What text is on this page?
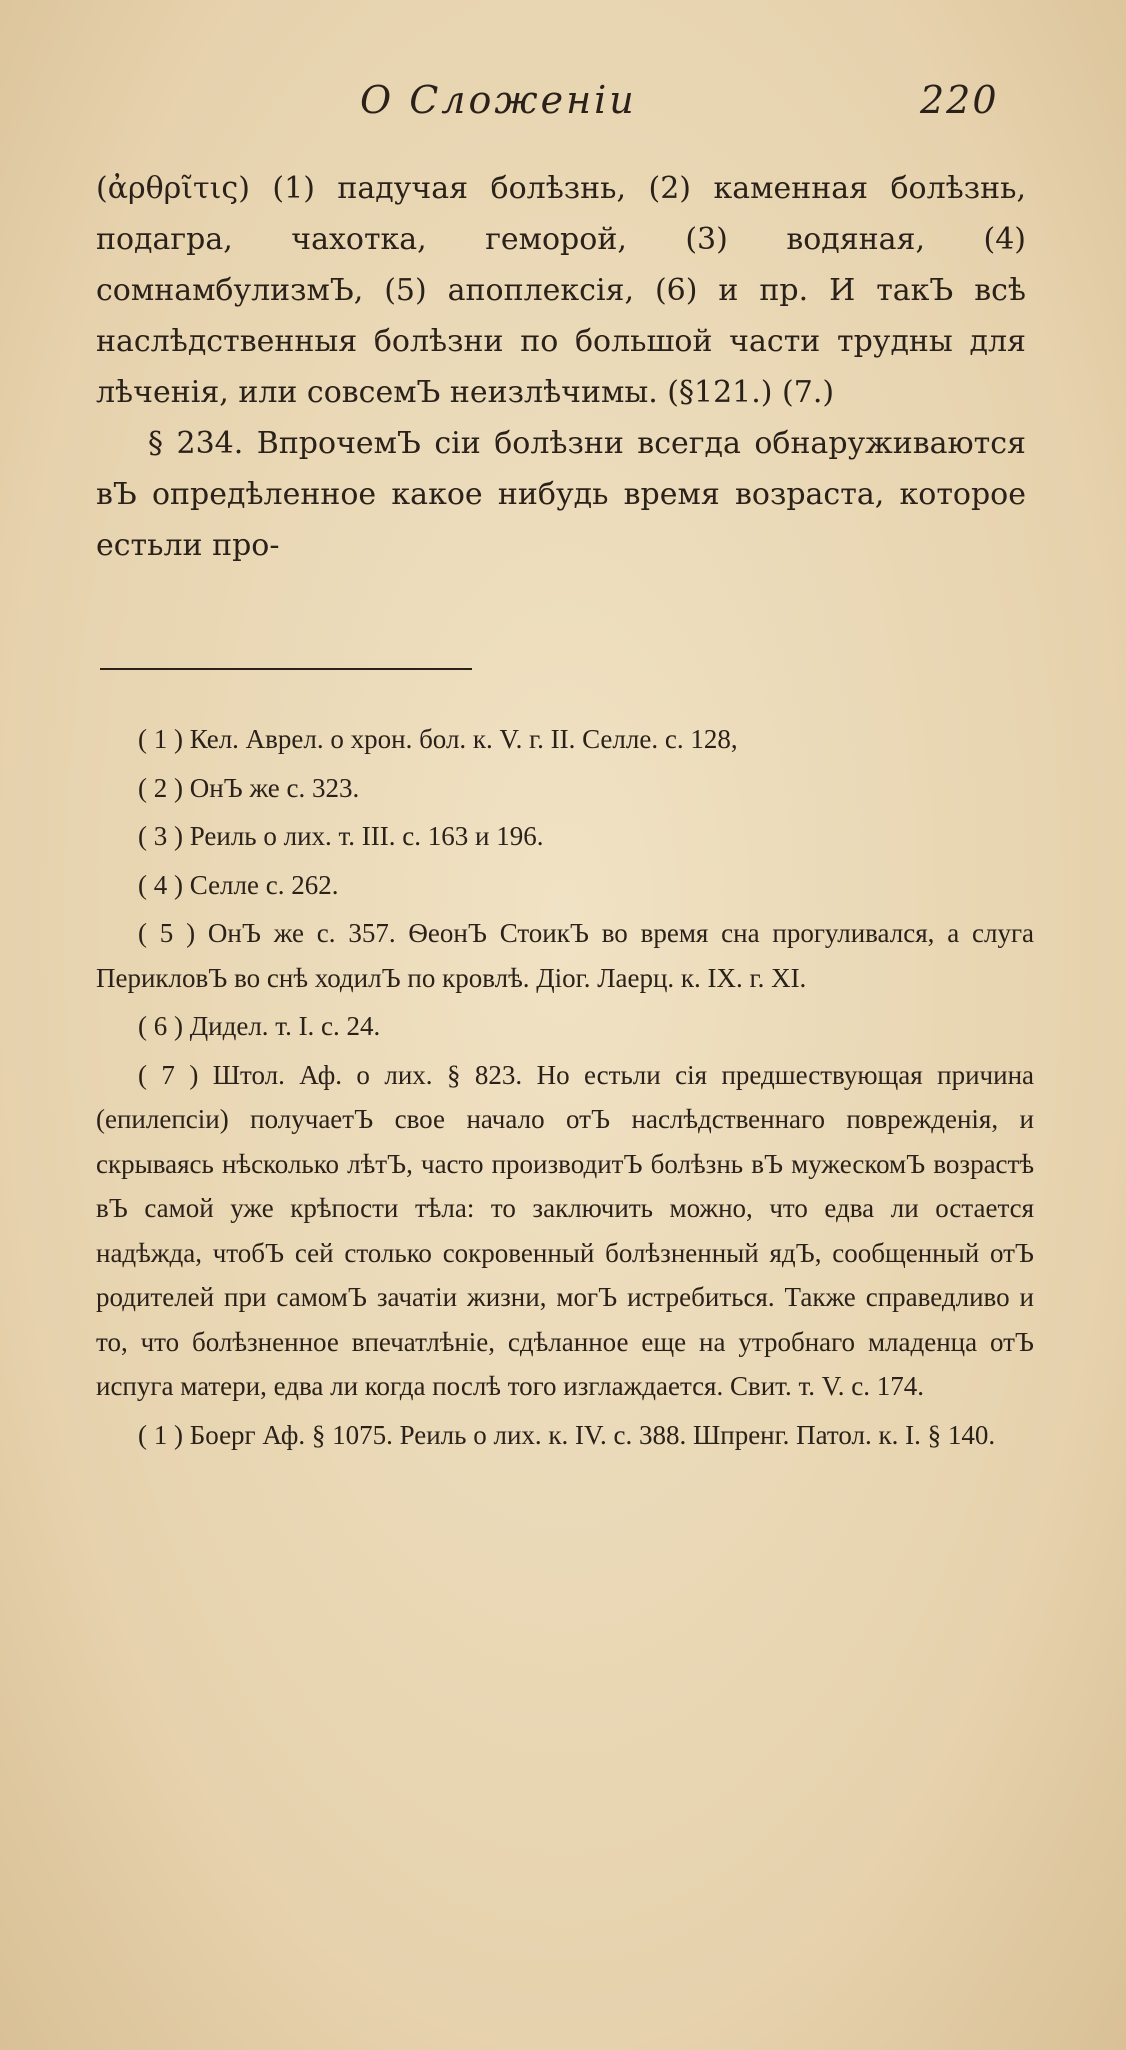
О Сложеніи	220

(ἀρθρῖτις) (1) падучая болѣзнь, (2) каменная болѣзнь, подагра, чахотка, геморой, (3) водяная, (4) сомнамбулизмЪ, (5) апоплексія, (6) и пр. И такЪ всѣ наслѣдственныя болѣзни по большой части трудны для лѣченія, или совсемЪ неизлѣчимы. (§121.) (7.)

§ 234. ВпрочемЪ сіи болѣзни всегда обнаруживаются вЪ опредѣленное какое нибудь время возраста, которое естьли про-

( 1 ) Кел. Аврел. о хрон. бол. к. V. г. II. Селле. с. 128,

( 2 ) ОнЪ же с. 323.

( 3 ) Реиль о лих. т. III. с. 163 и 196.

( 4 ) Селле с. 262.

( 5 ) ОнЪ же с. 357. ѲеонЪ СтоикЪ во время сна прогуливался, а слуга ПерикловЪ во снѣ ходилЪ по кровлѣ. Діог. Лаерц. к. IX. г. XI.

( 6 ) Дидел. т. I. с. 24.

( 7 ) Штол. Аф. о лих. § 823. Но естьли сія предшествующая причина (епилепсіи) получаетЪ свое начало отЪ наслѣдственнаго поврежденія, и скрываясь нѣсколько лѣтЪ, часто производитЪ болѣзнь вЪ мужескомЪ возрастѣ вЪ самой уже крѣпости тѣла: то заключить можно, что едва ли остается надѣжда, чтобЪ сей столько сокровенный болѣзненный ядЪ, сообщенный отЪ родителей при самомЪ зачатіи жизни, могЪ истребиться. Также справедливо и то, что болѣзненное впечатлѣніе, сдѣланное еще на утробнаго младенца отЪ испуга матери, едва ли когда послѣ того изглаждается. Свит. т. V. с. 174.

( 1 ) Боерг Аф. § 1075. Реиль о лих. к. IV. с. 388. Шпренг. Патол. к. I. § 140.
